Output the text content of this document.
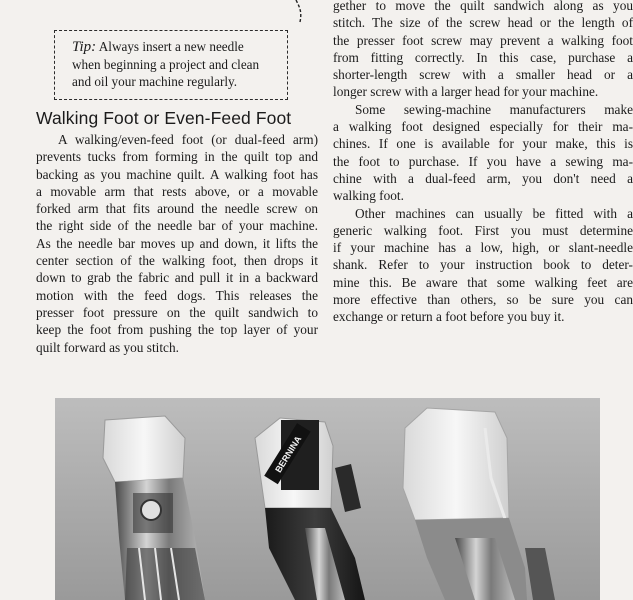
Tip: Always insert a new needle
when beginning a project and clean
and oil your machine regularly.
Walking Foot or Even-Feed Foot
A walking/even-feed foot (or dual-feed arm)
prevents tucks from forming in the quilt top and
backing as you machine quilt. A walking foot has
a movable arm that rests above, or a movable
forked arm that fits around the needle screw on
the right side of the needle bar of your machine.
As the needle bar moves up and down, it lifts the
center section of the walking foot, then drops it
down to grab the fabric and pull it in a backward
motion with the feed dogs. This releases the
presser foot pressure on the quilt sandwich to
keep the foot from pushing the top layer of your
quilt forward as you stitch.
gether to move the quilt sandwich along as you
stitch. The size of the screw head or the length of
the presser foot screw may prevent a walking foot
from fitting correctly. In this case, purchase a
shorter-length screw with a smaller head or a
longer screw with a larger head for your machine.
Some sewing-machine manufacturers make
a walking foot designed especially for their ma-
chines. If one is available for your make, this is
the foot to purchase. If you have a sewing ma-
chine with a dual-feed arm, you don't need a
walking foot.
Other machines can usually be fitted with a
generic walking foot. First you must determine
if your machine has a low, high, or slant-needle
shank. Refer to your instruction book to deter-
mine this. Be aware that some walking feet are
more effective than others, so be sure you can
exchange or return a foot before you buy it.
BERNINA
